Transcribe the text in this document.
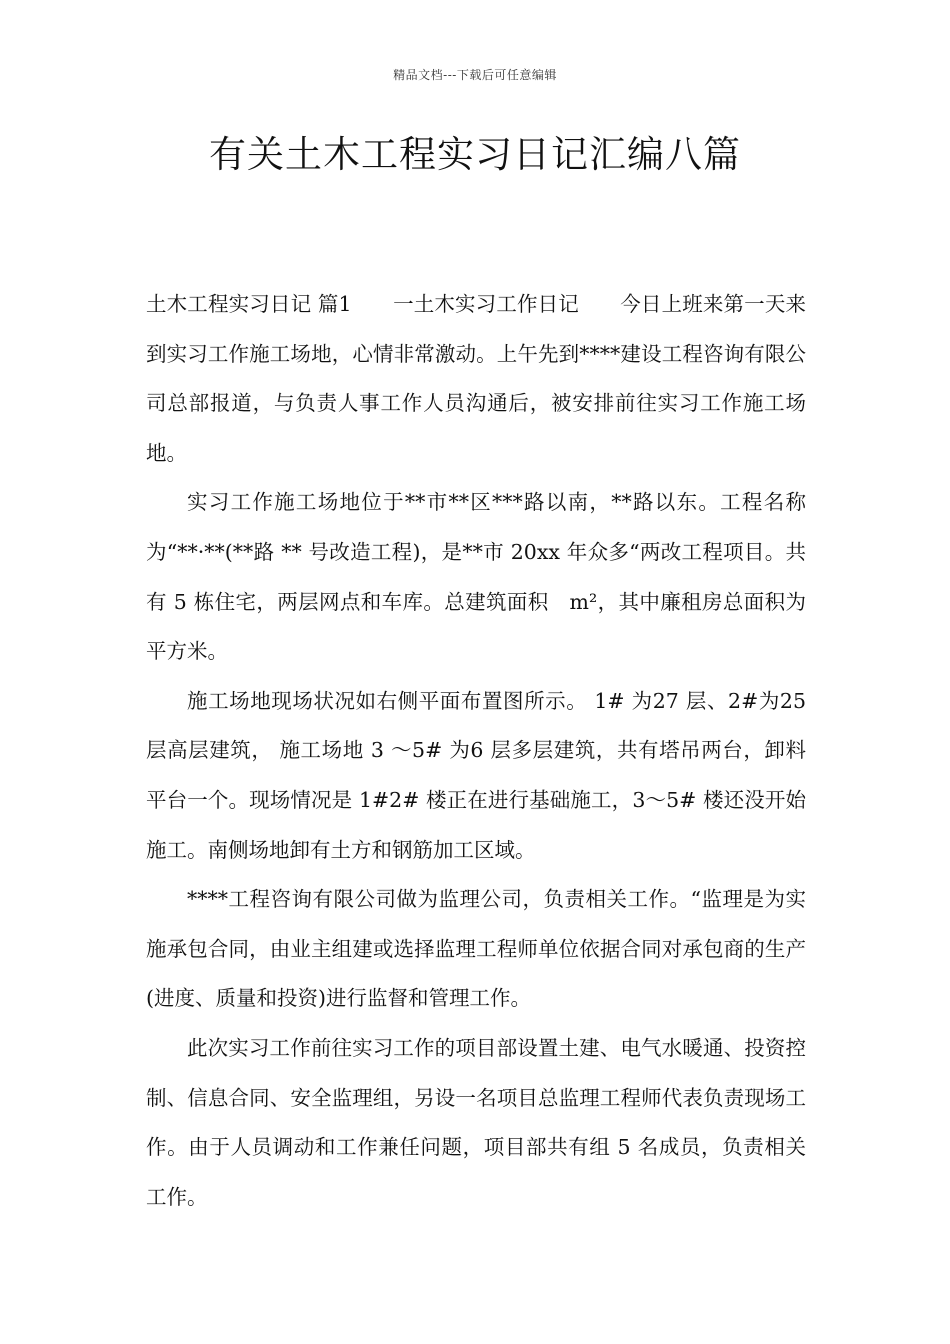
精品文档---下载后可任意编辑
有关土木工程实习日记汇编八篇

土木工程实习日记 篇1　　一土木实习工作日记　　今日上班来第一天来到实习工作施工场地，心情非常激动。上午先到****建设工程咨询有限公司总部报道，与负责人事工作人员沟通后，被安排前往实习工作施工场地。

实习工作施工场地位于**市**区***路以南，**路以东。工程名称为“**·**(**路 ** 号改造工程)，是**市 20xx 年众多“两改工程项目。共有 5 栋住宅，两层网点和车库。总建筑面积　m²，其中廉租房总面积为　平方米。

施工场地现场状况如右侧平面布置图所示。 1# 为27 层、2#为25 层高层建筑， 施工场地 3 ～5# 为6 层多层建筑，共有塔吊两台，卸料平台一个。现场情况是 1#2# 楼正在进行基础施工，3～5# 楼还没开始施工。南侧场地卸有土方和钢筋加工区域。

****工程咨询有限公司做为监理公司，负责相关工作。“监理是为实施承包合同，由业主组建或选择监理工程师单位依据合同对承包商的生产(进度、质量和投资)进行监督和管理工作。

此次实习工作前往实习工作的项目部设置土建、电气水暖通、投资控制、信息合同、安全监理组，另设一名项目总监理工程师代表负责现场工作。由于人员调动和工作兼任问题，项目部共有组 5 名成员，负责相关工作。
